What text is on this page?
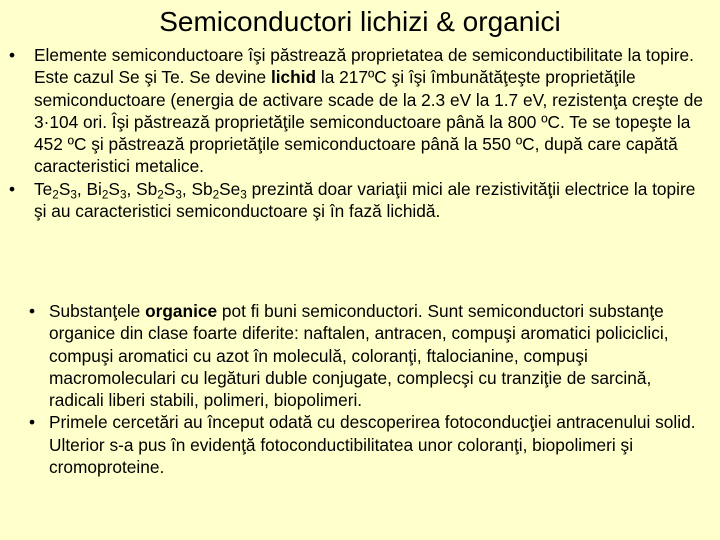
Semiconductori lichizi & organici
• Elemente semiconductoare îşi păstrează proprietatea de semiconductibilitate la topire. Este cazul Se şi Te. Se devine lichid la 217ºC şi îşi îmbunătăţeşte proprietăţile semiconductoare (energia de activare scade de la 2.3 eV la 1.7 eV, rezistenţa creşte de 3·104 ori. Îşi păstrează proprietăţile semiconductoare până la 800 ºC. Te se topeşte la 452 ºC şi păstrează proprietăţile semiconductoare până la 550 ºC, după care capătă caracteristici metalice.
• $Te_2S_3$, $Bi_2S_3$, $Sb_2S_3$, $Sb_2Se_3$ prezintă doar variaţii mici ale rezistivităţii electrice la topire şi au caracteristici semiconductoare şi în fază lichidă.
• Substanţele organice pot fi buni semiconductori. Sunt semiconductori substanţe organice din clase foarte diferite: naftalen, antracen, compuşi aromatici policiclici, compuşi aromatici cu azot în moleculă, coloranţi, ftalocianine, compuşi macromoleculari cu legături duble conjugate, complecşi cu tranziţie de sarcină, radicali liberi stabili, polimeri, biopolimeri.
• Primele cercetări au început odată cu descoperirea fotoconducţiei antracenului solid. Ulterior s-a pus în evidenţă fotoconductibilitatea unor coloranţi, biopolimeri şi cromoproteine.
